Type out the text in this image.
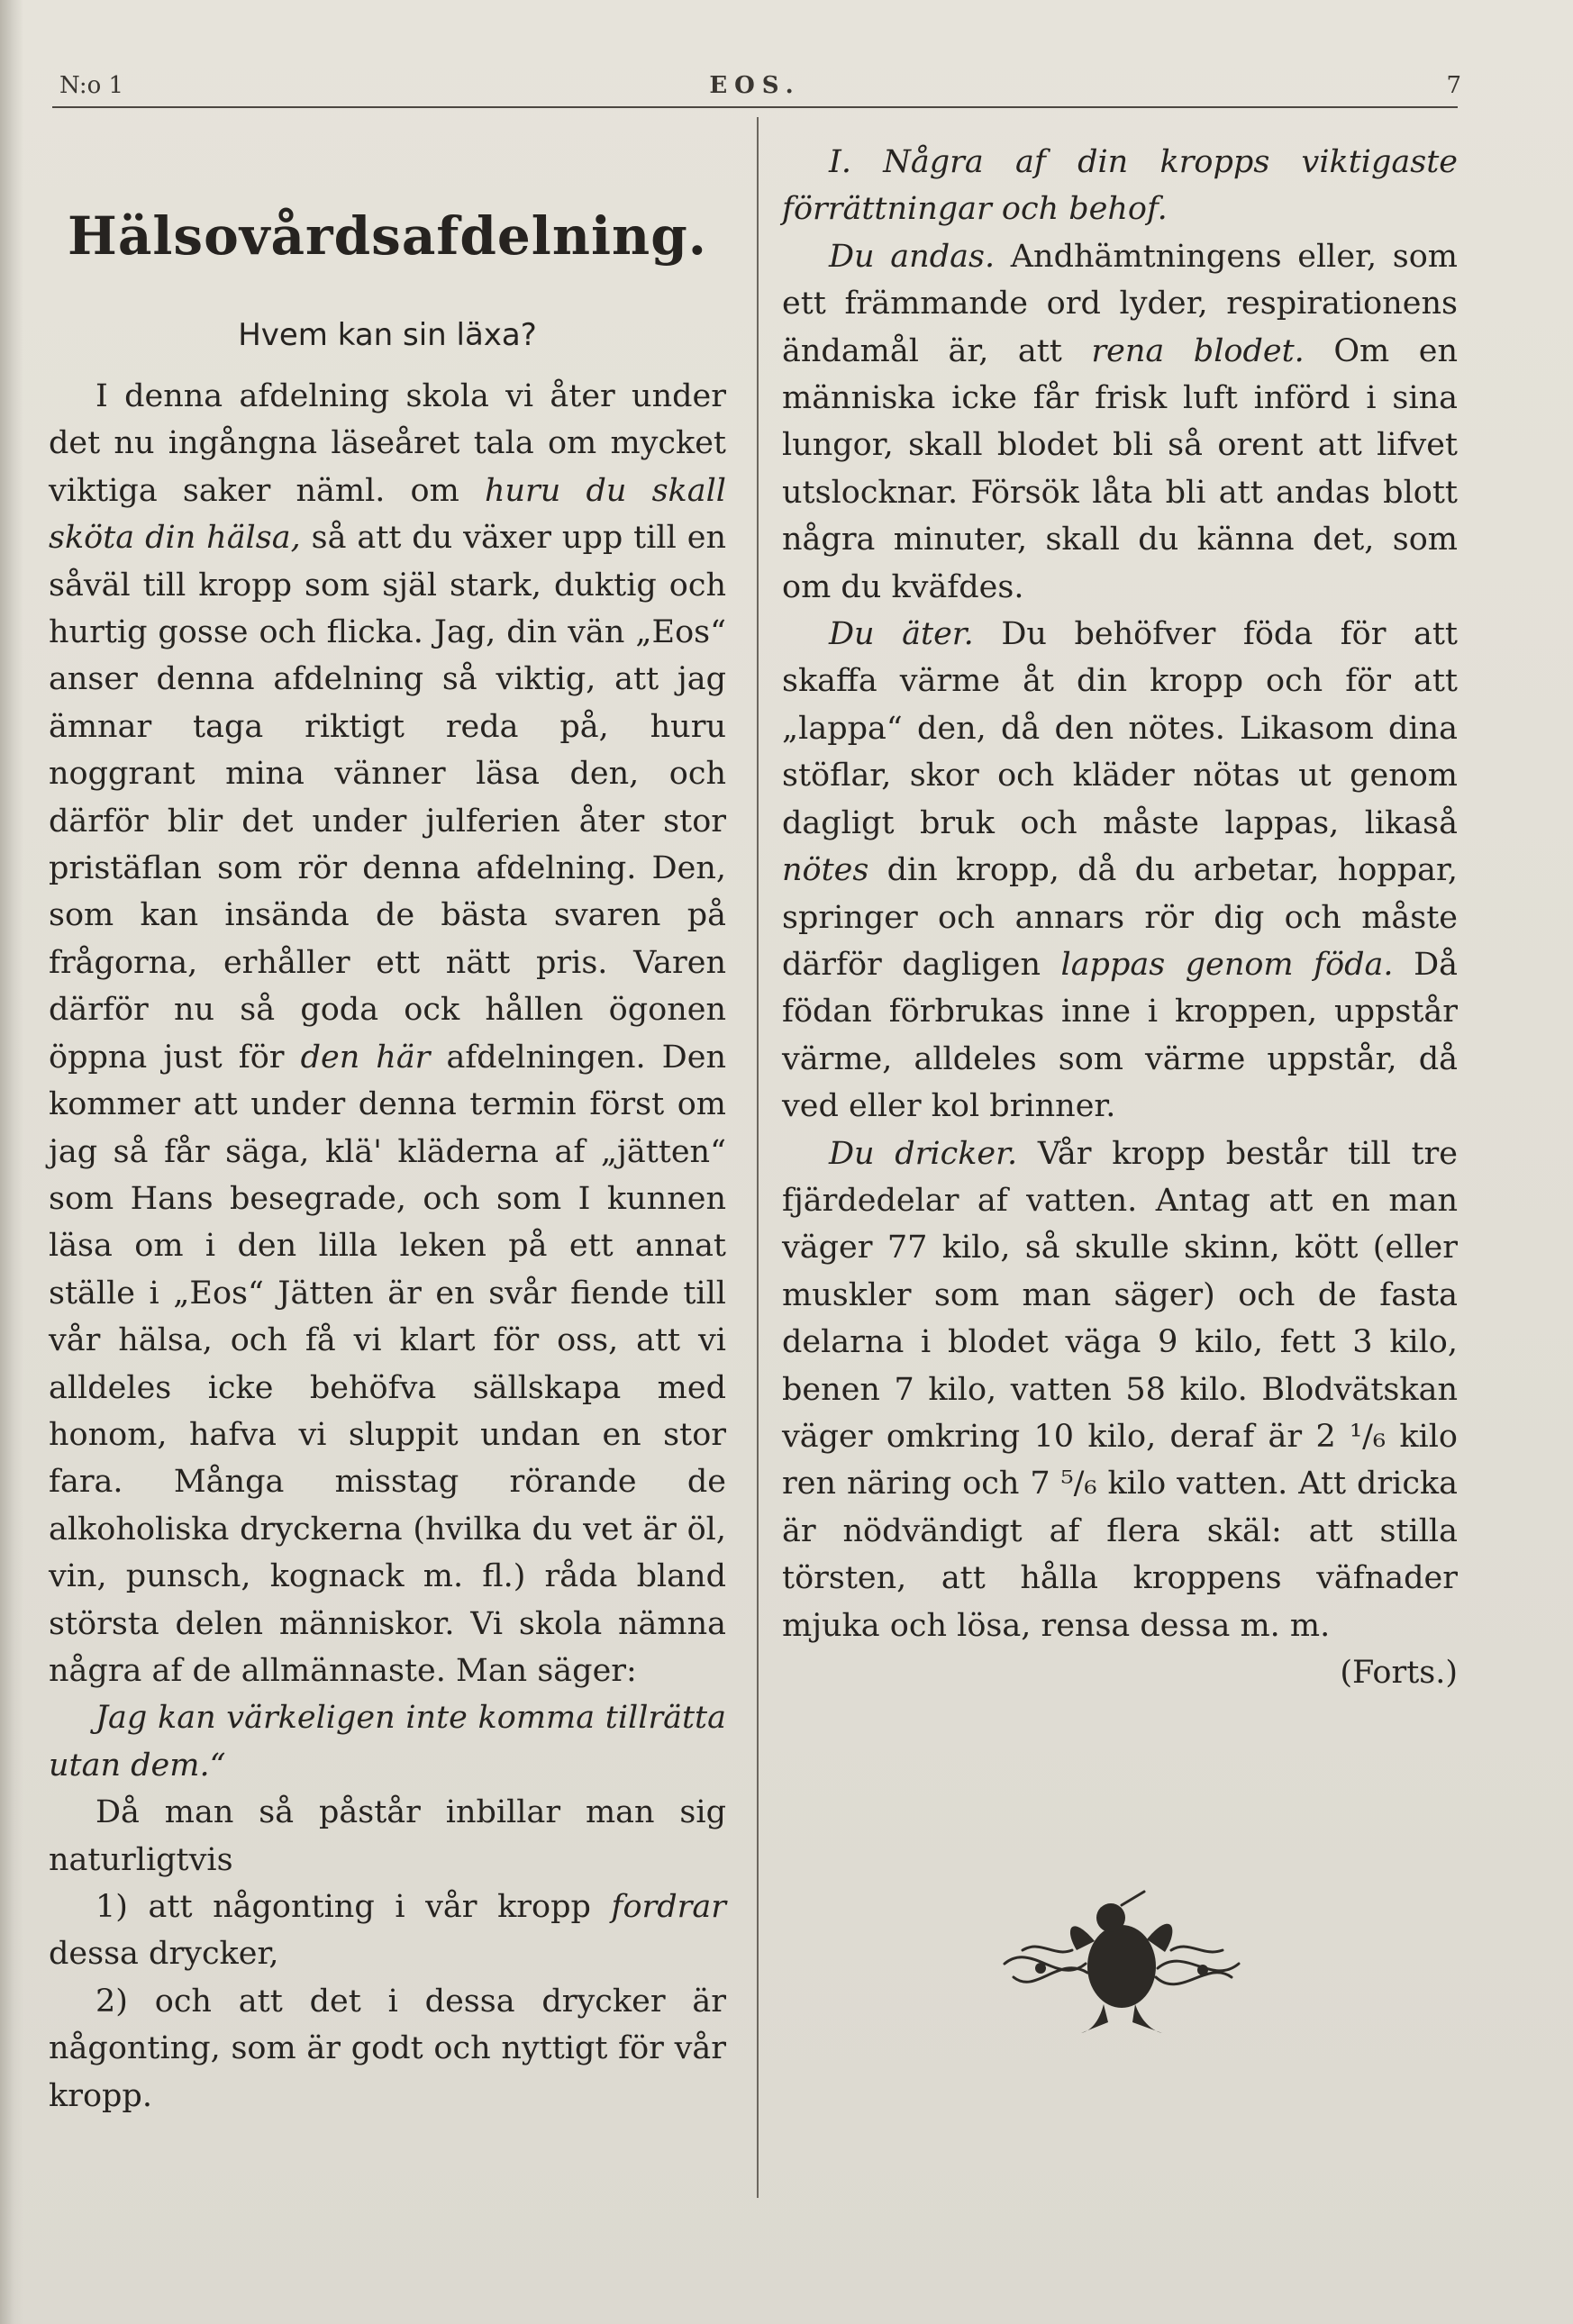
N:o 1	EOS.	7
Hälsovårdsafdelning.
Hvem kan sin läxa?

I denna afdelning skola vi åter under det nu ingångna läseåret tala om mycket viktiga saker näml. om huru du skall sköta din hälsa, så att du växer upp till en såväl till kropp som själ stark, duktig och hurtig gosse och flicka. Jag, din vän „Eos“ anser denna afdelning så viktig, att jag ämnar taga riktigt reda på, huru noggrant mina vänner läsa den, och därför blir det under julferien åter stor pristäflan som rör denna afdelning. Den, som kan insända de bästa svaren på frågorna, erhåller ett nätt pris. Varen därför nu så goda ock hållen ögonen öppna just för den här afdelningen. Den kommer att under denna termin först om jag så får säga, klä' kläderna af „jätten“ som Hans besegrade, och som I kunnen läsa om i den lilla leken på ett annat ställe i „Eos“ Jätten är en svår fiende till vår hälsa, och få vi klart för oss, att vi alldeles icke behöfva sällskapa med honom, hafva vi sluppit undan en stor fara. Många misstag rörande de alkoholiska dryckerna (hvilka du vet är öl, vin, punsch, kognack m. fl.) råda bland största delen människor. Vi skola nämna några af de allmännaste. Man säger:

Jag kan värkeligen inte komma tillrätta utan dem.“

Då man så påstår inbillar man sig naturligtvis

1) att någonting i vår kropp fordrar dessa drycker,

2) och att det i dessa drycker är någonting, som är godt och nyttigt för vår kropp.

I. Några af din kropps viktigaste förrättningar och behof.

Du andas. Andhämtningens eller, som ett främmande ord lyder, respirationens ändamål är, att rena blodet. Om en människa icke får frisk luft införd i sina lungor, skall blodet bli så orent att lifvet utslocknar. Försök låta bli att andas blott några minuter, skall du känna det, som om du kväfdes.

Du äter. Du behöfver föda för att skaffa värme åt din kropp och för att „lappa“ den, då den nötes. Likasom dina stöflar, skor och kläder nötas ut genom dagligt bruk och måste lappas, likaså nötes din kropp, då du arbetar, hoppar, springer och annars rör dig och måste därför dagligen lappas genom föda. Då födan förbrukas inne i kroppen, uppstår värme, alldeles som värme uppstår, då ved eller kol brinner.

Du dricker. Vår kropp består till tre fjärdedelar af vatten. Antag att en man väger 77 kilo, så skulle skinn, kött (eller muskler som man säger) och de fasta delarna i blodet väga 9 kilo, fett 3 kilo, benen 7 kilo, vatten 58 kilo. Blodvätskan väger omkring 10 kilo, deraf är 2 ¹/₆ kilo ren näring och 7 ⁵/₆ kilo vatten. Att dricka är nödvändigt af flera skäl: att stilla törsten, att hålla kroppens väfnader mjuka och lösa, rensa dessa m. m.

(Forts.)
